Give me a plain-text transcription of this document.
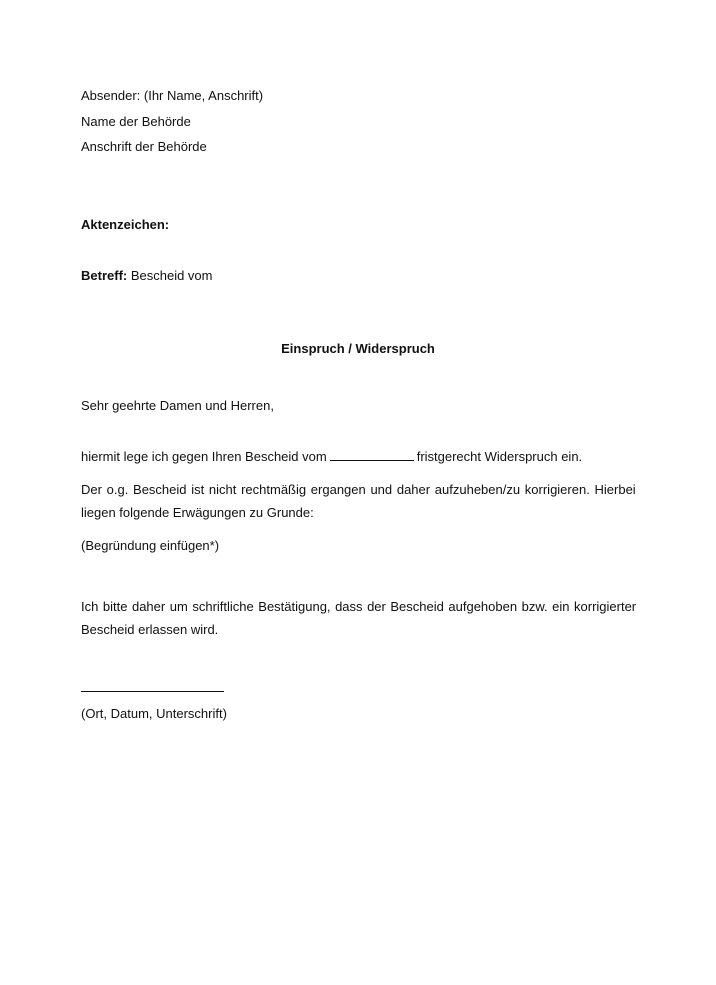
Absender: (Ihr Name, Anschrift)
Name der Behörde
Anschrift der Behörde
Aktenzeichen:
Betreff: Bescheid vom
Einspruch / Widerspruch
Sehr geehrte Damen und Herren,
hiermit lege ich gegen Ihren Bescheid vom	fristgerecht Widerspruch ein.
Der o.g. Bescheid ist nicht rechtmäßig ergangen und daher aufzuheben/zu korrigieren. Hierbei
liegen folgende Erwägungen zu Grunde:
(Begründung einfügen*)
Ich bitte daher um schriftliche Bestätigung, dass der Bescheid aufgehoben bzw. ein korrigierter
Bescheid erlassen wird.
(Ort, Datum, Unterschrift)
